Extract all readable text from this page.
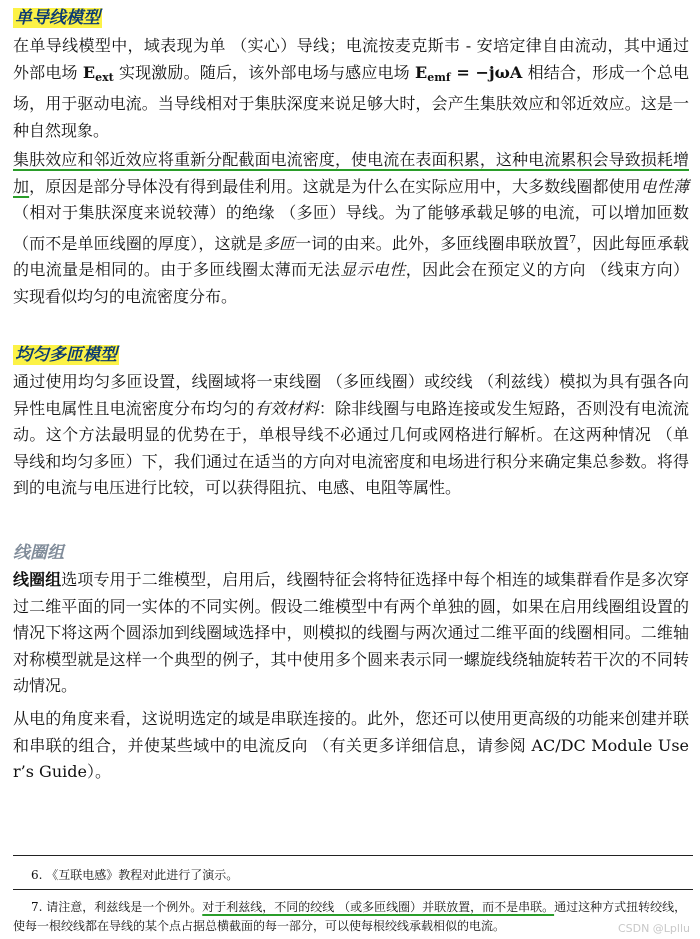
单导线模型

在单导线模型中，域表现为单 （实心）导线；电流按麦克斯韦 - 安培定律自由流动，其中通过外部电场 $E_{ext}$ 实现激励。随后，该外部电场与感应电场 $E_{emf} = -j\omega A$ 相结合，形成一个总电场，用于驱动电流。当导线相对于集肤深度来说足够大时，会产生集肤效应和邻近效应。这是一种自然现象。

集肤效应和邻近效应将重新分配截面电流密度，使电流在表面积累，这种电流累积会导致损耗增加，原因是部分导体没有得到最佳利用。这就是为什么在实际应用中，大多数线圈都使用电性薄 （相对于集肤深度来说较薄）的绝缘 （多匝）导线。为了能够承载足够的电流，可以增加匝数 （而不是单匝线圈的厚度），这就是多匝一词的由来。此外，多匝线圈串联放置$^7$，因此每匝承载的电流量是相同的。由于多匝线圈太薄而无法显示电性，因此会在预定义的方向 （线束方向）实现看似均匀的电流密度分布。

均匀多匝模型

通过使用均匀多匝设置，线圈域将一束线圈 （多匝线圈）或绞线 （利兹线）模拟为具有强各向异性电属性且电流密度分布均匀的有效材料：除非线圈与电路连接或发生短路，否则没有电流流动。这个方法最明显的优势在于，单根导线不必通过几何或网格进行解析。在这两种情况 （单导线和均匀多匝）下，我们通过在适当的方向对电流密度和电场进行积分来确定集总参数。将得到的电流与电压进行比较，可以获得阻抗、电感、电阻等属性。

线圈组

线圈组选项专用于二维模型，启用后，线圈特征会将特征选择中每个相连的域集群看作是多次穿过二维平面的同一实体的不同实例。假设二维模型中有两个单独的圆，如果在启用线圈组设置的情况下将这两个圆添加到线圈域选择中，则模拟的线圈与两次通过二维平面的线圈相同。二维轴对称模型就是这样一个典型的例子，其中使用多个圆来表示同一螺旋线绕轴旋转若干次的不同转动情况。

从电的角度来看，这说明选定的域是串联连接的。此外，您还可以使用更高级的功能来创建并联和串联的组合，并使某些域中的电流反向 （有关更多详细信息，请参阅 AC/DC Module User’s Guide）。

6. 《互联电感》教程对此进行了演示。

7. 请注意，利兹线是一个例外。对于利兹线，不同的绞线 （或多匝线圈）并联放置，而不是串联。通过这种方式扭转绞线，使每一根绞线都在导线的某个点占据总横截面的每一部分，可以使每根绞线承载相似的电流。	CSDN @Lpllu
